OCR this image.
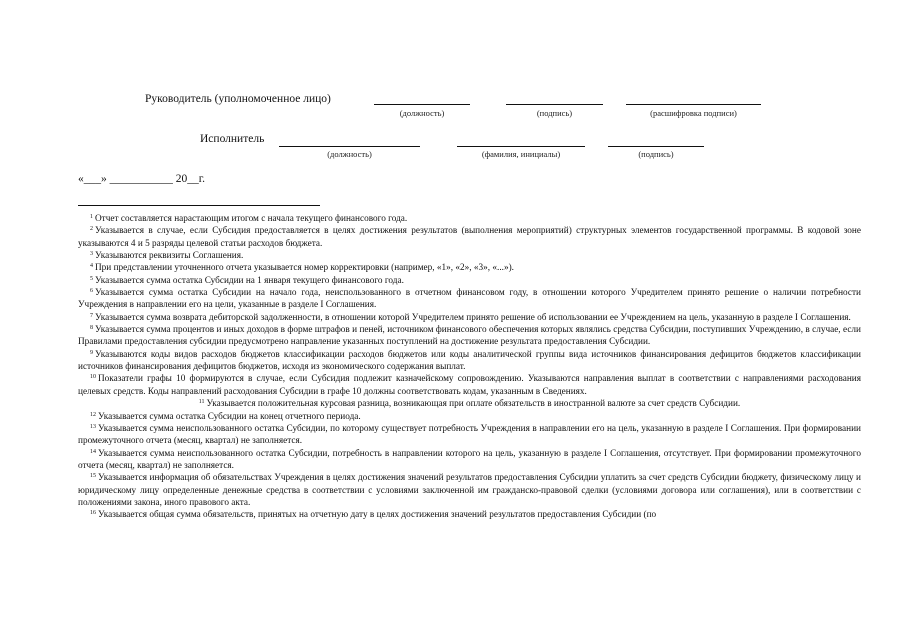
Руководитель (уполномоченное лицо)
(должность)	(подпись)	(расшифровка подписи)
Исполнитель
(должность)	(фамилия, инициалы)	(подпись)
«___» ___________ 20__г.

$^1$ Отчет составляется нарастающим итогом с начала текущего финансового года.

$^2$ Указывается в случае, если Субсидия предоставляется в целях достижения результатов (выполнения мероприятий) структурных элементов государственной программы. В кодовой зоне указываются 4 и 5 разряды целевой статьи расходов бюджета.

$^3$ Указываются реквизиты Соглашения.

$^4$ При представлении уточненного отчета указывается номер корректировки (например, «1», «2», «3», «...»).

$^5$ Указывается сумма остатка Субсидии на 1 января текущего финансового года.

$^6$ Указывается сумма остатка Субсидии на начало года, неиспользованного в отчетном финансовом году, в отношении которого Учредителем принято решение о наличии потребности Учреждения в направлении его на цели, указанные в разделе I Соглашения.

$^7$ Указывается сумма возврата дебиторской задолженности, в отношении которой Учредителем принято решение об использовании ее Учреждением на цель, указанную в разделе I Соглашения.

$^8$ Указывается сумма процентов и иных доходов в форме штрафов и пеней, источником финансового обеспечения которых являлись средства Субсидии, поступивших Учреждению, в случае, если Правилами предоставления субсидии предусмотрено направление указанных поступлений на достижение результата предоставления Субсидии.

$^9$ Указываются коды видов расходов бюджетов классификации расходов бюджетов или коды аналитической группы вида источников финансирования дефицитов бюджетов классификации источников финансирования дефицитов бюджетов, исходя из экономического содержания выплат.

$^{10}$ Показатели графы 10 формируются в случае, если Субсидия подлежит казначейскому сопровождению. Указываются направления выплат в соответствии с направлениями расходования целевых средств. Коды направлений расходования Субсидии в графе 10 должны соответствовать кодам, указанным в Сведениях.

$^{11}$ Указывается положительная курсовая разница, возникающая при оплате обязательств в иностранной валюте за счет средств Субсидии.

$^{12}$ Указывается сумма остатка Субсидии на конец отчетного периода.

$^{13}$ Указывается сумма неиспользованного остатка Субсидии, по которому существует потребность Учреждения в направлении его на цель, указанную в разделе I Соглашения. При формировании промежуточного отчета (месяц, квартал) не заполняется.

$^{14}$ Указывается сумма неиспользованного остатка Субсидии, потребность в направлении которого на цель, указанную в разделе I Соглашения, отсутствует. При формировании промежуточного отчета (месяц, квартал) не заполняется.

$^{15}$ Указывается информация об обязательствах Учреждения в целях достижения значений результатов предоставления Субсидии уплатить за счет средств Субсидии бюджету, физическому лицу и юридическому лицу определенные денежные средства в соответствии с условиями заключенной им гражданско-правовой сделки (условиями договора или соглашения), или в соответствии с положениями закона, иного правового акта.

$^{16}$ Указывается общая сумма обязательств, принятых на отчетную дату в целях достижения значений результатов предоставления Субсидии (по
